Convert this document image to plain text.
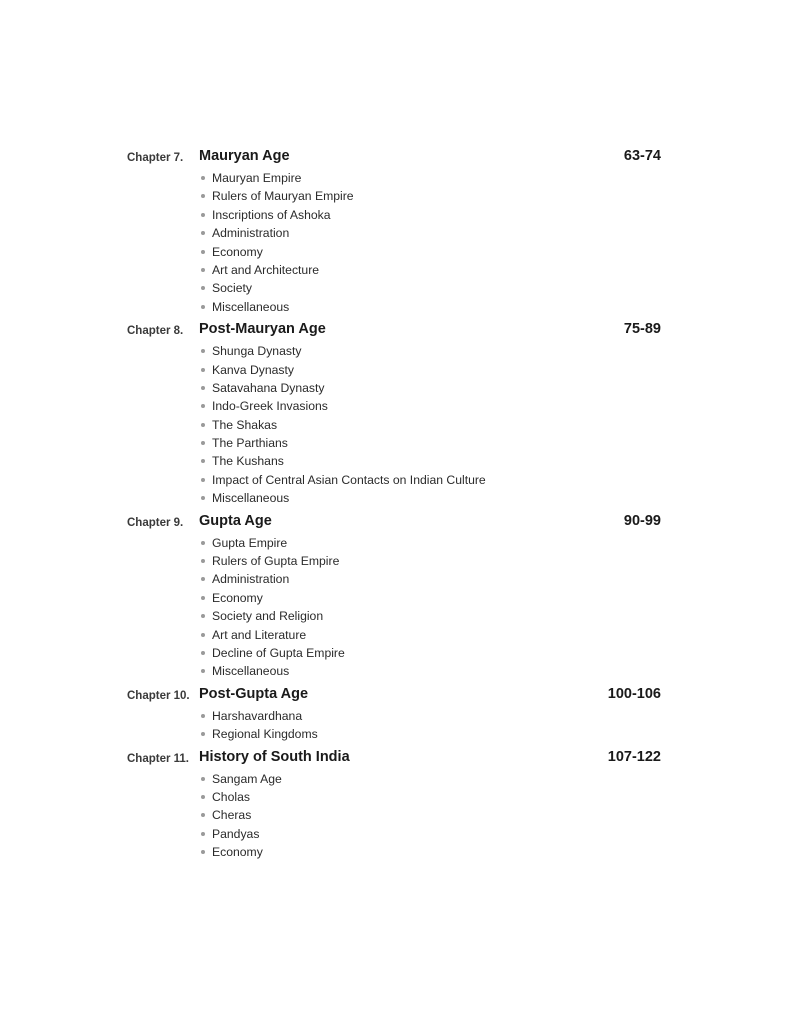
Chapter 7. Mauryan Age	63-74
Mauryan Empire
Rulers of Mauryan Empire
Inscriptions of Ashoka
Administration
Economy
Art and Architecture
Society
Miscellaneous
Chapter 8. Post-Mauryan Age	75-89
Shunga Dynasty
Kanva Dynasty
Satavahana Dynasty
Indo-Greek Invasions
The Shakas
The Parthians
The Kushans
Impact of Central Asian Contacts on Indian Culture
Miscellaneous
Chapter 9. Gupta Age	90-99
Gupta Empire
Rulers of Gupta Empire
Administration
Economy
Society and Religion
Art and Literature
Decline of Gupta Empire
Miscellaneous
Chapter 10. Post-Gupta Age	100-106
Harshavardhana
Regional Kingdoms
Chapter 11. History of South India	107-122
Sangam Age
Cholas
Cheras
Pandyas
Economy
